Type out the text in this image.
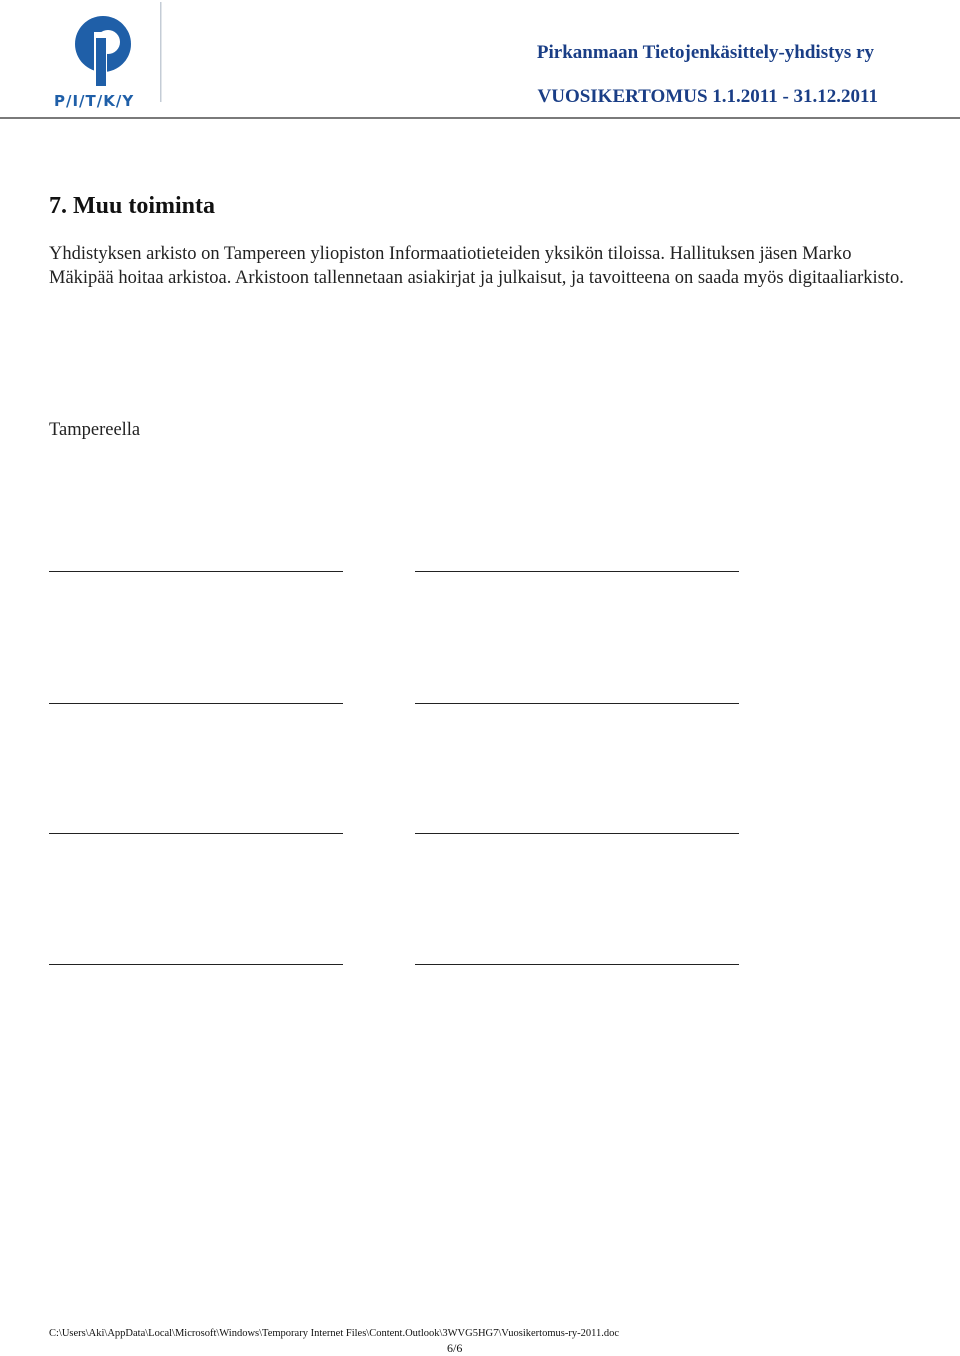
P/I/T/K/Y
Pirkanmaan Tietojenkäsittely-yhdistys ry
VUOSIKERTOMUS 1.1.2011 - 31.12.2011
7. Muu toiminta

Yhdistyksen arkisto on Tampereen yliopiston Informaatiotieteiden yksikön tiloissa. Hallituksen jäsen Marko Mäkipää hoitaa arkistoa. Arkistoon tallennetaan asiakirjat ja julkaisut, ja tavoitteena on saada myös digitaaliarkisto.

Tampereella
C:\Users\Aki\AppData\Local\Microsoft\Windows\Temporary Internet Files\Content.Outlook\3WVG5HG7\Vuosikertomus-ry-2011.doc
6/6
